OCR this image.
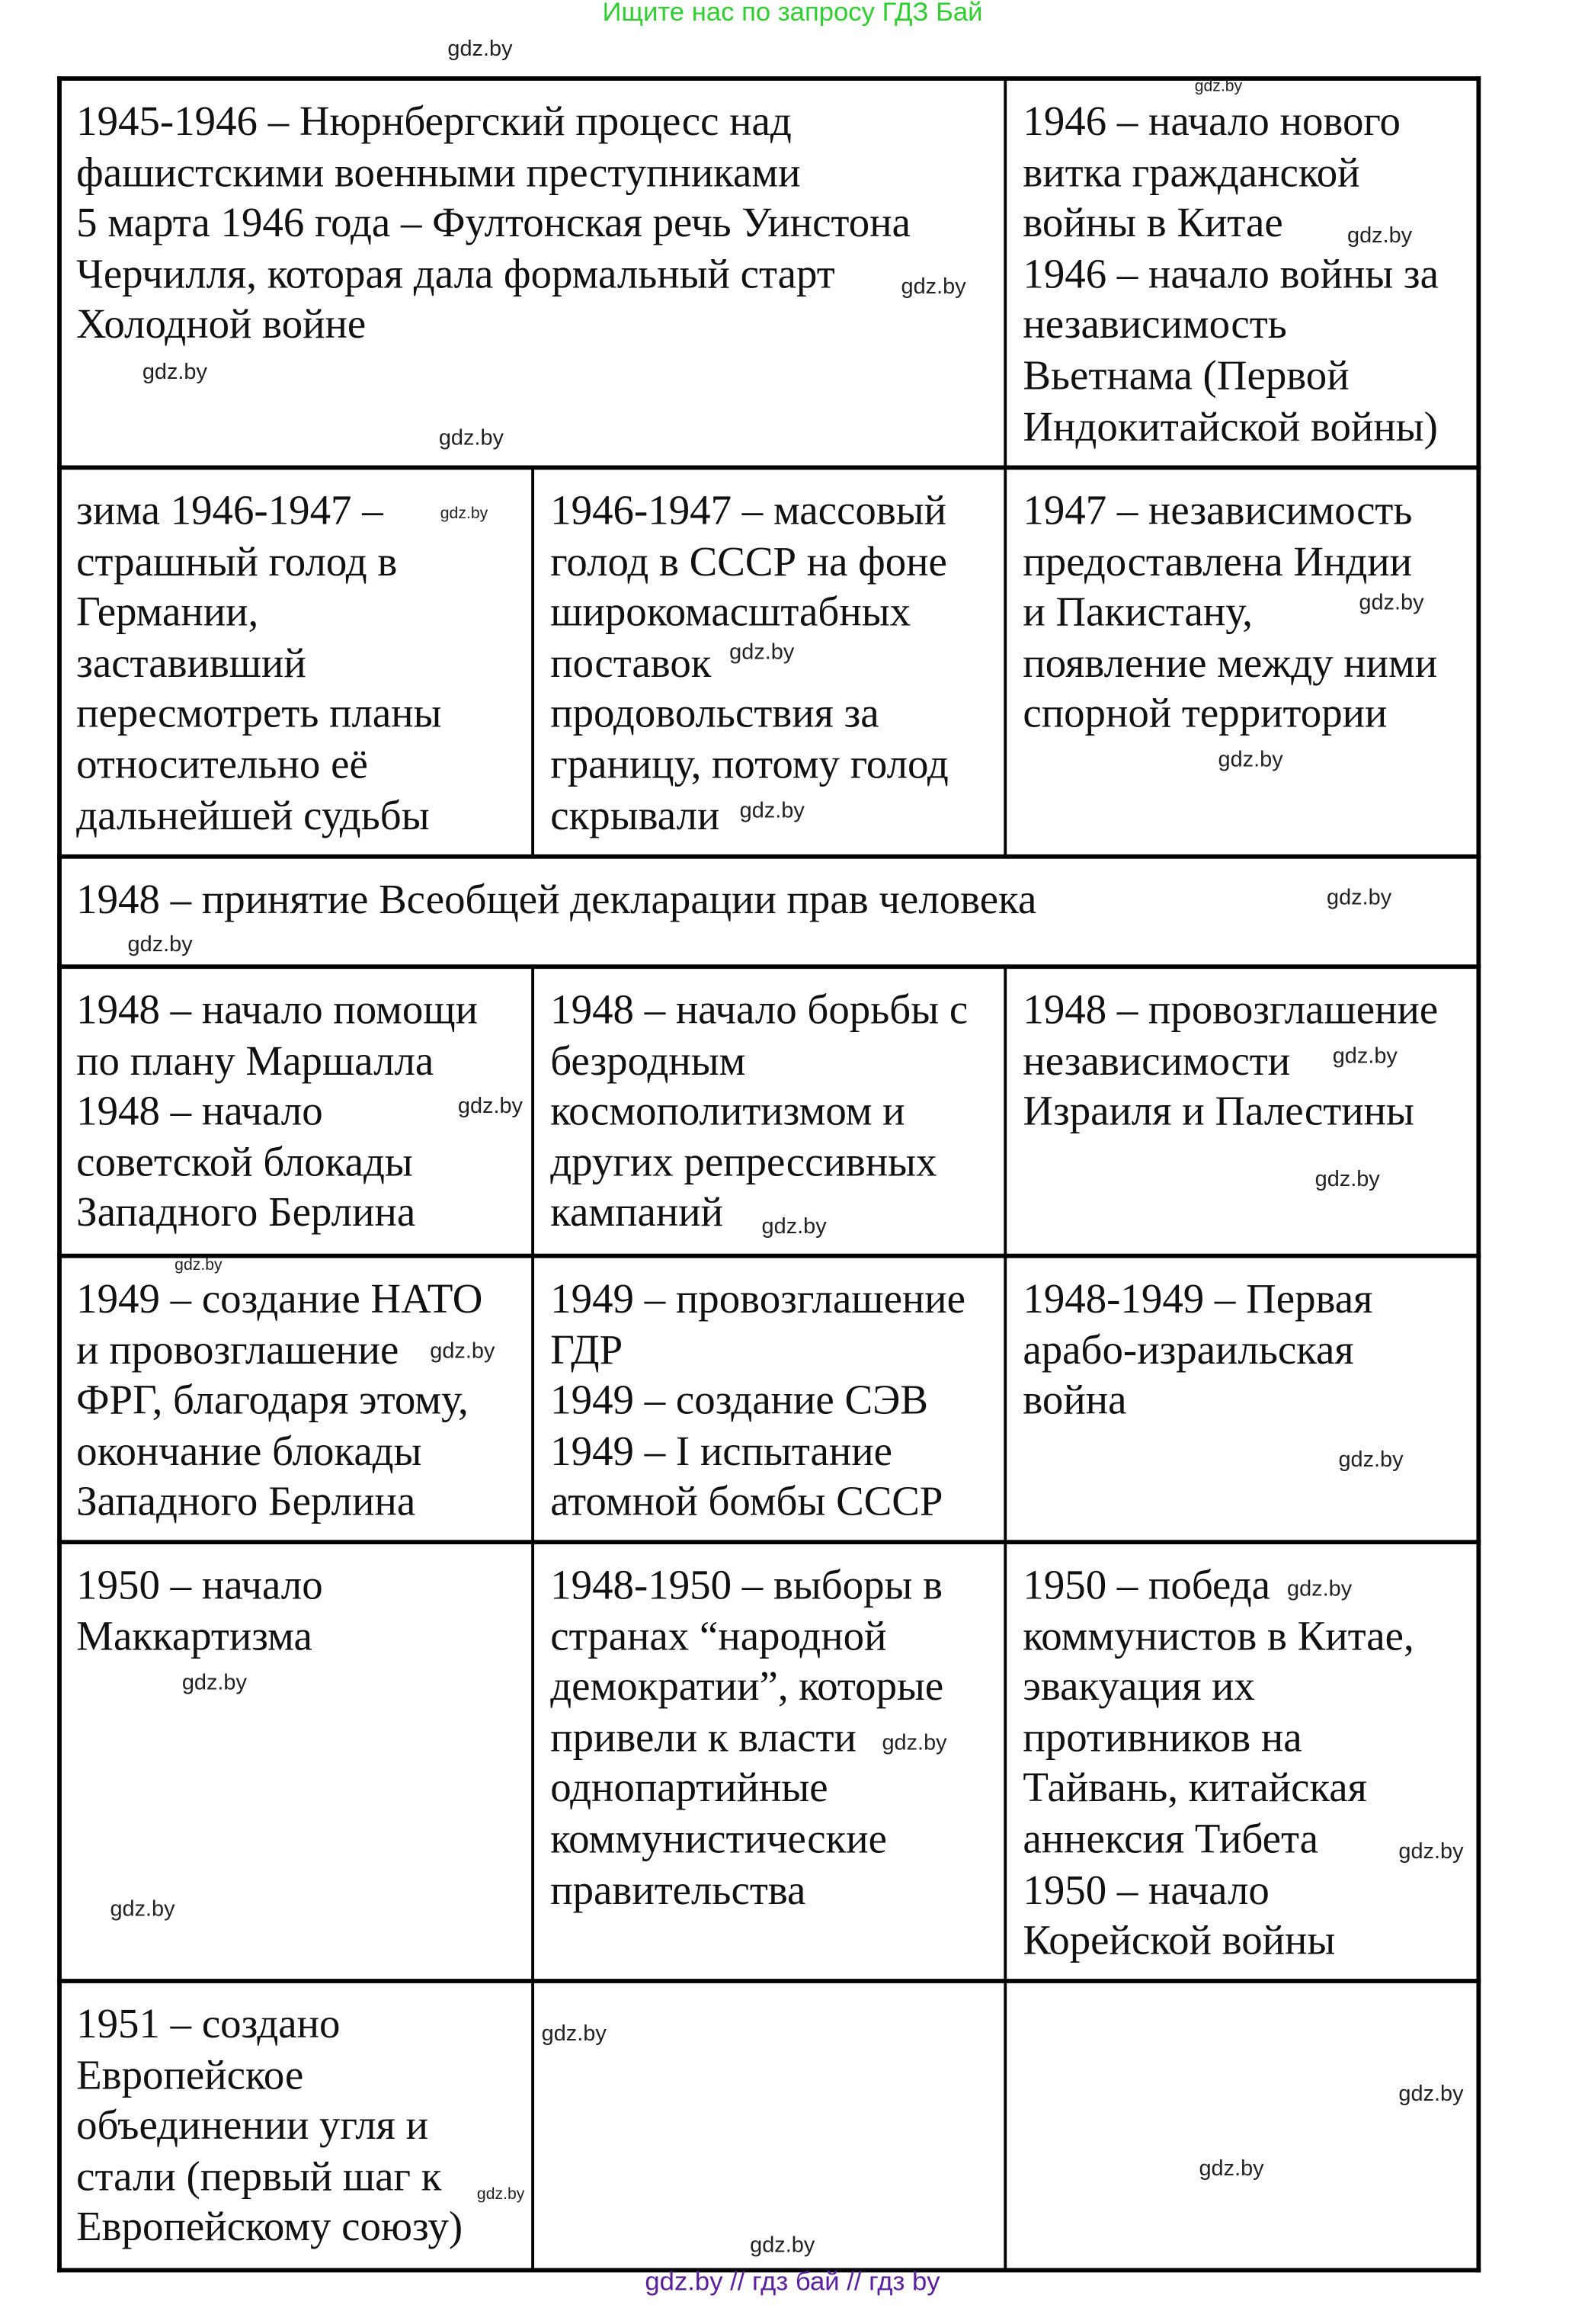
Ищите нас по запросу ГДЗ Бай
1945-1946 – Нюрнбергский процесс над
фашистскими военными преступниками
5 марта 1946 года – Фултонская речь Уинстона
Черчилля, которая дала формальный старт
Холодной войне
1946 – начало нового
витка гражданской
войны в Китае
1946 – начало войны за
независимость
Вьетнама (Первой
Индокитайской войны)
зима 1946-1947 –
страшный голод в
Германии,
заставивший
пересмотреть планы
относительно её
дальнейшей судьбы
1946-1947 – массовый
голод в СССР на фоне
широкомасштабных
поставок
продовольствия за
границу, потому голод
скрывали
1947 – независимость
предоставлена Индии
и Пакистану,
появление между ними
спорной территории
1948 – принятие Всеобщей декларации прав человека
1948 – начало помощи
по плану Маршалла
1948 – начало
советской блокады
Западного Берлина
1948 – начало борьбы с
безродным
космополитизмом и
других репрессивных
кампаний
1948 – провозглашение
независимости
Израиля и Палестины
1949 – создание НАТО
и провозглашение
ФРГ, благодаря этому,
окончание блокады
Западного Берлина
1949 – провозглашение
ГДР
1949 – создание СЭВ
1949 – I испытание
атомной бомбы СССР
1948-1949 – Первая
арабо-израильская
война
1950 – начало
Маккартизма
1948-1950 – выборы в
странах “народной
демократии”, которые
привели к власти
однопартийные
коммунистические
правительства
1950 – победа
коммунистов в Китае,
эвакуация их
противников на
Тайвань, китайская
аннексия Тибета
1950 – начало
Корейской войны
1951 – создано
Европейское
объединении угля и
стали (первый шаг к
Европейскому союзу)
gdz.by
gdz.by
gdz.by
gdz.by
gdz.by
gdz.by
gdz.by
gdz.by
gdz.by
gdz.by
gdz.by
gdz.by
gdz.by
gdz.by
gdz.by
gdz.by
gdz.by
gdz.by
gdz.by
gdz.by
gdz.by
gdz.by
gdz.by
gdz.by
gdz.by
gdz.by
gdz.by
gdz.by
gdz.by
gdz.by
gdz.by // гдз бай // гдз by
